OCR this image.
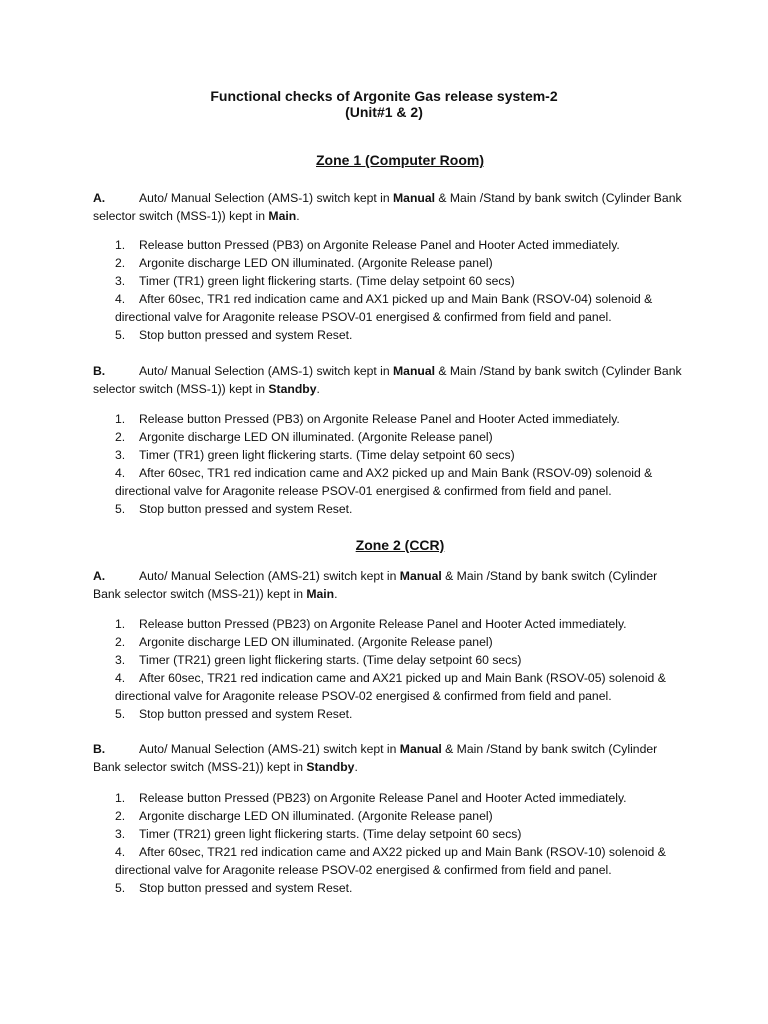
Functional checks of Argonite Gas release system-2
(Unit#1 & 2)
Zone 1 (Computer Room)
A.	Auto/ Manual Selection (AMS-1) switch kept in Manual & Main /Stand by bank switch (Cylinder Bank selector switch (MSS-1)) kept in Main.
1. Release button Pressed (PB3) on Argonite Release Panel and Hooter Acted immediately.
2. Argonite discharge LED ON illuminated. (Argonite Release panel)
3. Timer (TR1) green light flickering starts. (Time delay setpoint 60 secs)
4. After 60sec, TR1 red indication came and AX1 picked up and Main Bank (RSOV-04) solenoid & directional valve for Aragonite release PSOV-01 energised & confirmed from field and panel.
5. Stop button pressed and system Reset.
B.	Auto/ Manual Selection (AMS-1) switch kept in Manual & Main /Stand by bank switch (Cylinder Bank selector switch (MSS-1)) kept in Standby.
1. Release button Pressed (PB3) on Argonite Release Panel and Hooter Acted immediately.
2. Argonite discharge LED ON illuminated. (Argonite Release panel)
3. Timer (TR1) green light flickering starts. (Time delay setpoint 60 secs)
4. After 60sec, TR1 red indication came and AX2 picked up and Main Bank (RSOV-09) solenoid & directional valve for Aragonite release PSOV-01 energised & confirmed from field and panel.
5. Stop button pressed and system Reset.
Zone 2 (CCR)
A.	Auto/ Manual Selection (AMS-21) switch kept in Manual & Main /Stand by bank switch (Cylinder Bank selector switch (MSS-21)) kept in Main.
1. Release button Pressed (PB23) on Argonite Release Panel and Hooter Acted immediately.
2. Argonite discharge LED ON illuminated. (Argonite Release panel)
3. Timer (TR21) green light flickering starts. (Time delay setpoint 60 secs)
4. After 60sec, TR21 red indication came and AX21 picked up and Main Bank (RSOV-05) solenoid & directional valve for Aragonite release PSOV-02 energised & confirmed from field and panel.
5. Stop button pressed and system Reset.
B.	Auto/ Manual Selection (AMS-21) switch kept in Manual & Main /Stand by bank switch (Cylinder Bank selector switch (MSS-21)) kept in Standby.
1. Release button Pressed (PB23) on Argonite Release Panel and Hooter Acted immediately.
2. Argonite discharge LED ON illuminated. (Argonite Release panel)
3. Timer (TR21) green light flickering starts. (Time delay setpoint 60 secs)
4. After 60sec, TR21 red indication came and AX22 picked up and Main Bank (RSOV-10) solenoid & directional valve for Aragonite release PSOV-02 energised & confirmed from field and panel.
5. Stop button pressed and system Reset.
